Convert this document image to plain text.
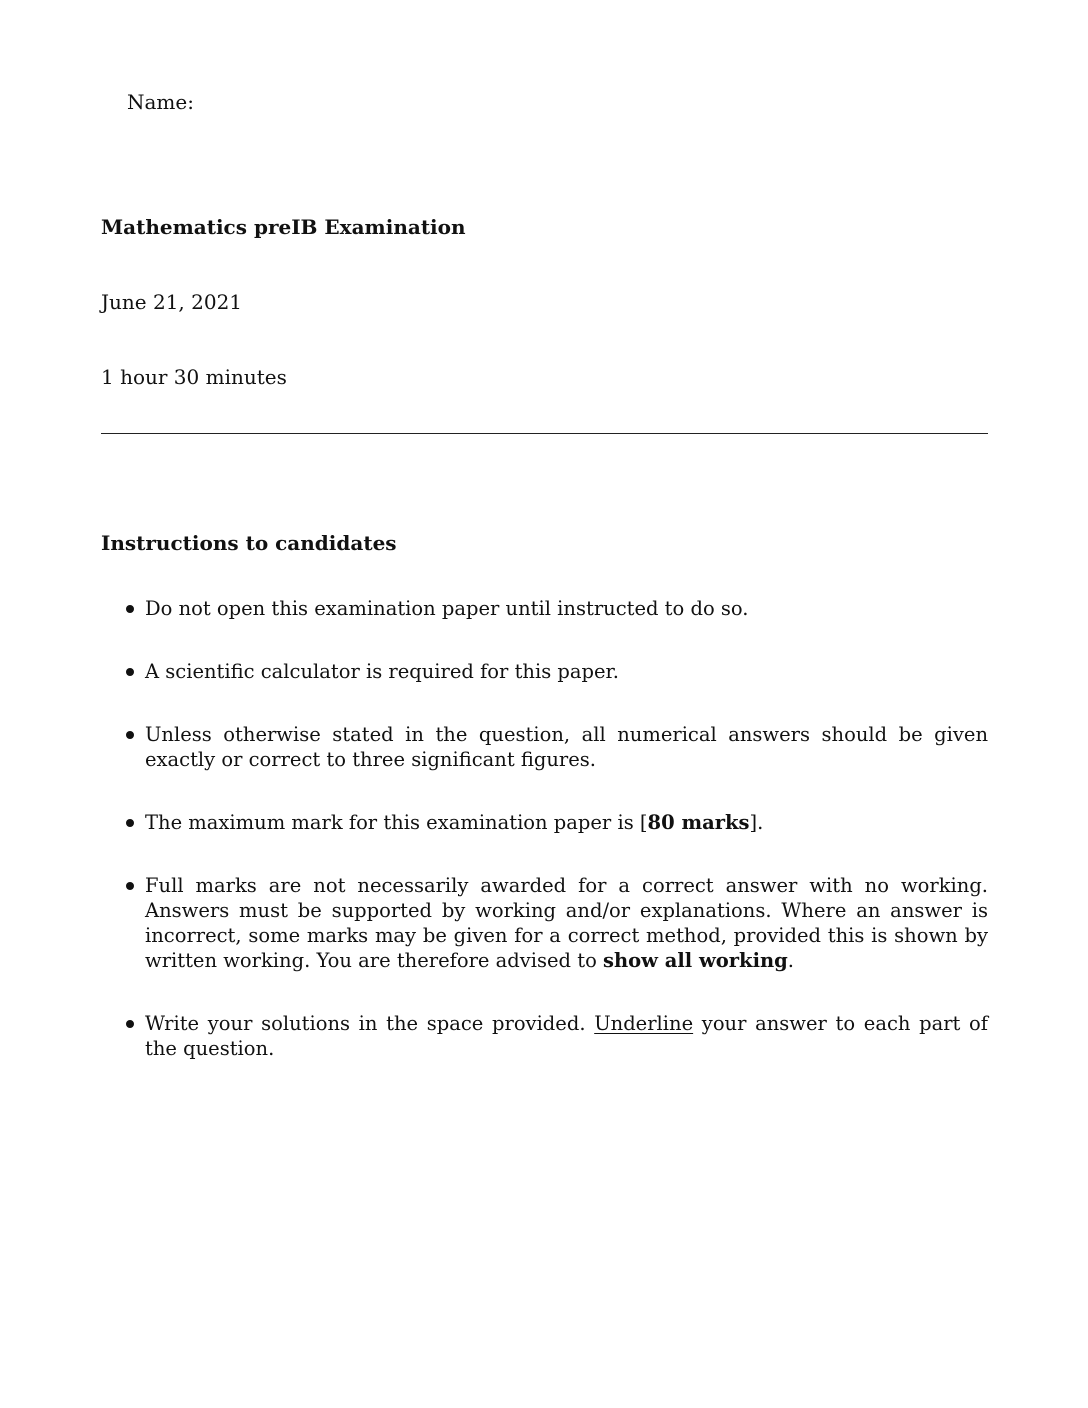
Name:
Mathematics preIB Examination
June 21, 2021
1 hour 30 minutes
Instructions to candidates
Do not open this examination paper until instructed to do so.
A scientific calculator is required for this paper.
Unless otherwise stated in the question, all numerical answers should be given exactly or correct to three significant figures.
The maximum mark for this examination paper is [80 marks].
Full marks are not necessarily awarded for a correct answer with no working. Answers must be supported by working and/or explanations. Where an answer is incorrect, some marks may be given for a correct method, provided this is shown by written working. You are therefore advised to show all working.
Write your solutions in the space provided. Underline your answer to each part of the question.
